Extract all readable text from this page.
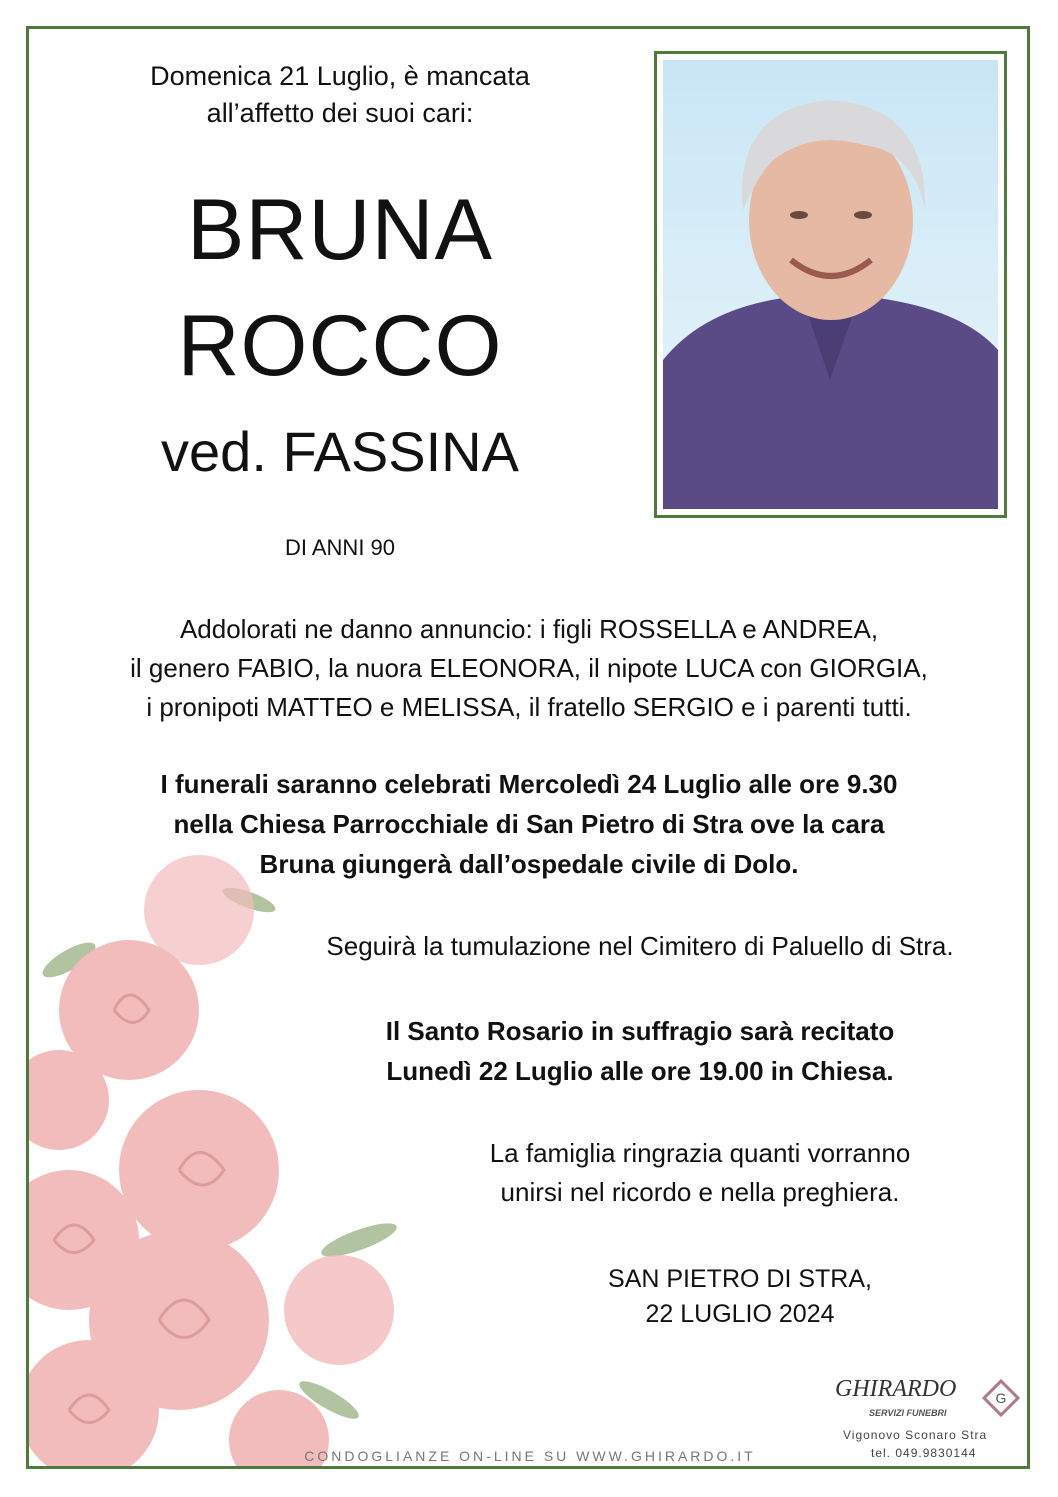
Domenica 21 Luglio, è mancata
all’affetto dei suoi cari:
BRUNA
ROCCO
ved. FASSINA
DI ANNI 90
Addolorati ne danno annuncio: i figli ROSSELLA e ANDREA,
il genero FABIO, la nuora ELEONORA, il nipote LUCA con GIORGIA,
i pronipoti MATTEO e MELISSA, il fratello SERGIO e i parenti tutti.
I funerali saranno celebrati Mercoledì 24 Luglio alle ore 9.30
nella Chiesa Parrocchiale di San Pietro di Stra ove la cara
Bruna giungerà dall’ospedale civile di Dolo.
Seguirà la tumulazione nel Cimitero di Paluello di Stra.
Il Santo Rosario in suffragio sarà recitato
Lunedì 22 Luglio alle ore 19.00 in Chiesa.
La famiglia ringrazia quanti vorranno
unirsi nel ricordo e nella preghiera.
SAN PIETRO DI STRA,
22 LUGLIO 2024
CONDOGLIANZE ON-LINE SU WWW.GHIRARDO.IT
GHIRARDO
SERVIZI FUNEBRI
G
Vigonovo Sconaro Stra
tel. 049.9830144
